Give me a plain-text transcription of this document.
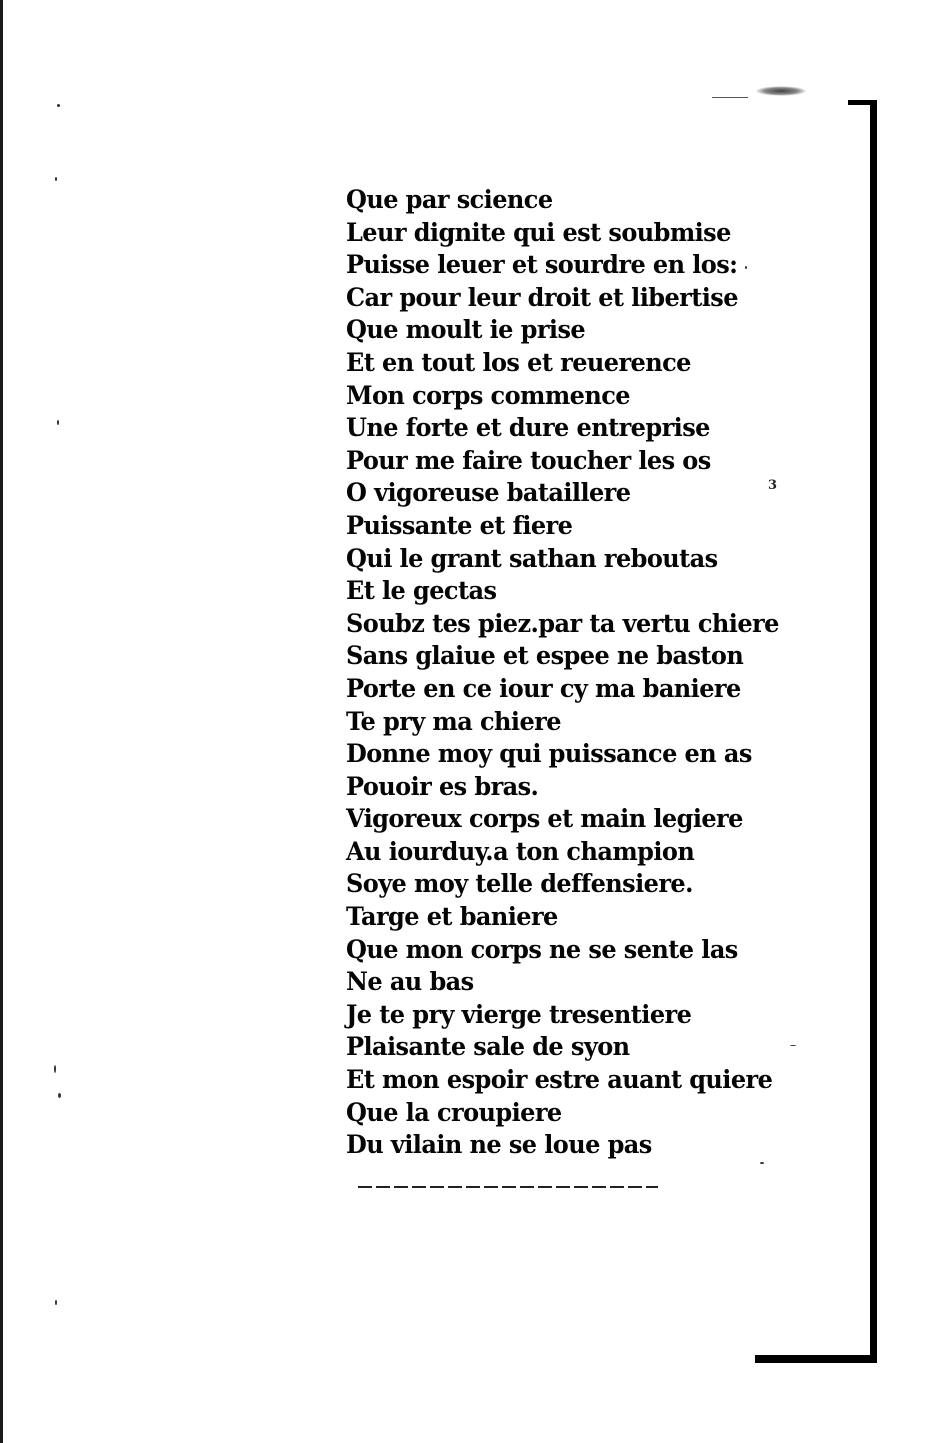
Que par science
Leur dignite qui est soubmise
Puisse leuer et sourdre en los:
Car pour leur droit et libertise
Que moult ie prise
Et en tout los et reuerence
Mon corps commence
Une forte et dure entreprise
Pour me faire toucher les os
O vigoreuse bataillere
Puissante et fiere
Qui le grant sathan reboutas
Et le gectas
Soubz tes piez.par ta vertu chiere
Sans glaiue et espee ne baston
Porte en ce iour cy ma baniere
Te pry ma chiere
Donne moy qui puissance en as
Pouoir es bras.
Vigoreux corps et main legiere
Au iourduy.a ton champion
Soye moy telle deffensiere.
Targe et baniere
Que mon corps ne se sente las
Ne au bas
Je te pry vierge tresentiere
Plaisante sale de syon
Et mon espoir estre auant quiere
Que la croupiere
Du vilain ne se loue pas
3
